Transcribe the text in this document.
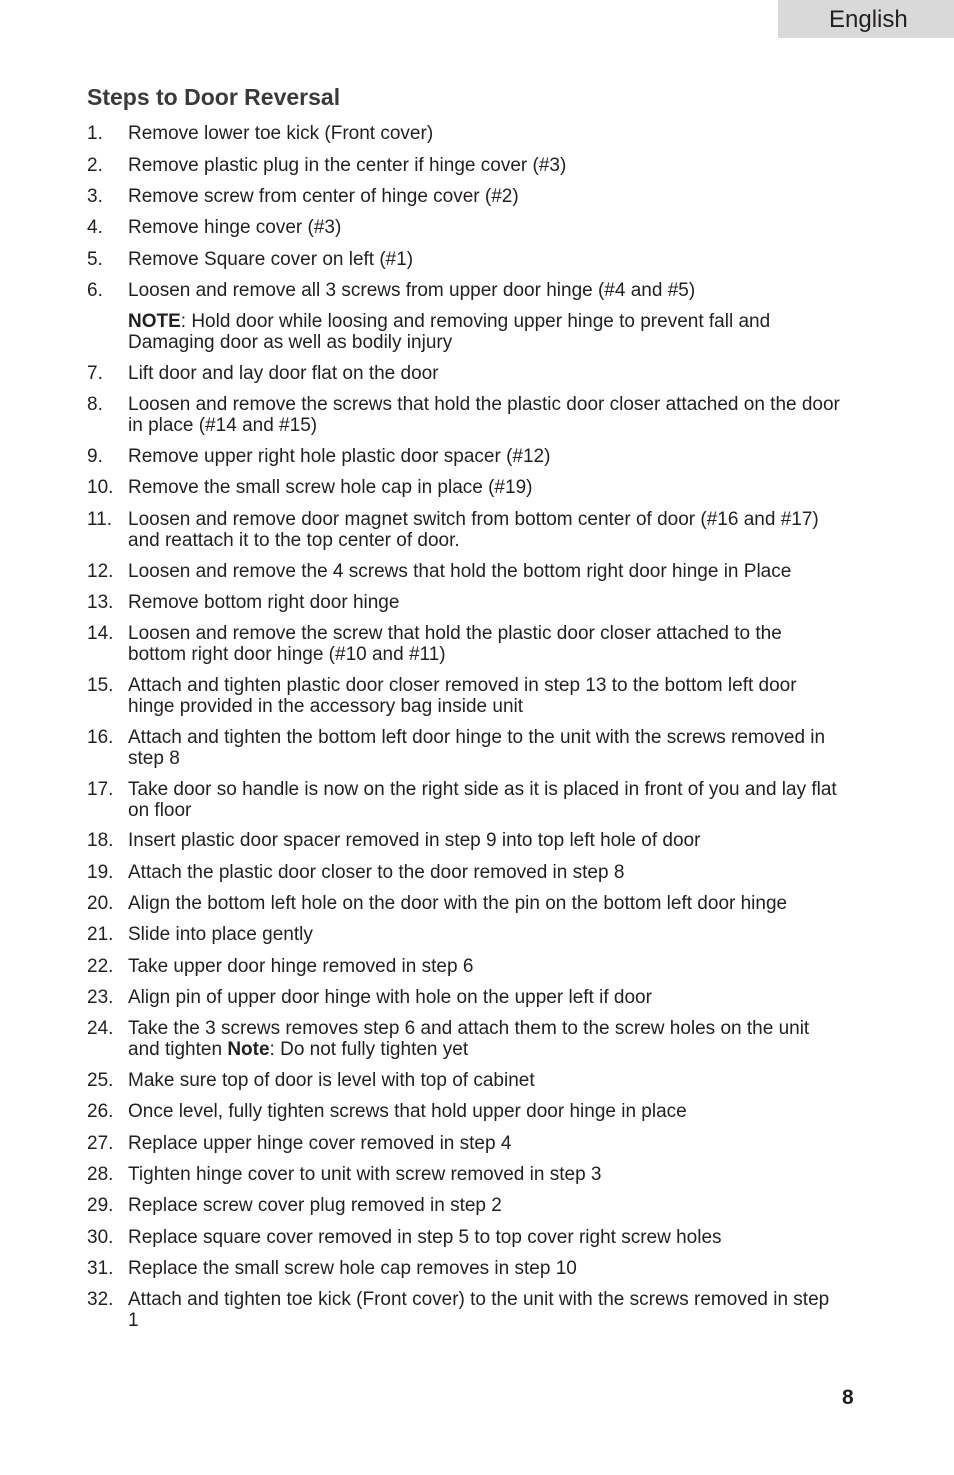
English
Steps to Door Reversal
1.	Remove lower toe kick (Front cover)
2.	Remove plastic plug in the center if hinge cover (#3)
3.	Remove screw from center of hinge cover (#2)
4.	Remove hinge cover (#3)
5.	Remove Square cover on left (#1)
6.	Loosen and remove all 3 screws from upper door hinge (#4 and #5)
7.	Lift door and lay door flat on the door
8.	Loosen and remove the screws that hold the plastic door closer attached on the door in place (#14 and #15)
9.	Remove upper right hole plastic door spacer (#12)
10. Remove the small screw hole cap in place (#19)
11. Loosen and remove door magnet switch from bottom center of door (#16 and #17) and reattach it to the top center of door.
12. Loosen and remove the 4 screws that hold the bottom right door hinge in Place
13. Remove bottom right door hinge
14. Loosen and remove the screw that hold the plastic door closer attached to the bottom right door hinge (#10 and #11)
15. Attach and tighten plastic door closer removed in step 13 to the bottom left door hinge provided in the accessory bag inside unit
16. Attach and tighten the bottom left door hinge to the unit with the screws removed in step 8
17. Take door so handle is now on the right side as it is placed in front of you and lay flat on floor
18. Insert plastic door spacer removed in step 9 into top left hole of door
19. Attach the plastic door closer to the door removed in step 8
20. Align the bottom left hole on the door with the pin on the bottom left door hinge
21. Slide into place gently
22. Take upper door hinge removed in step 6
23. Align pin of upper door hinge with hole on the upper left if door
24. Take the 3 screws removes step 6 and attach them to the screw holes on the unit and tighten Note: Do not fully tighten yet
25. Make sure top of door is level with top of cabinet
26. Once level, fully tighten screws that hold upper door hinge in place
27. Replace upper hinge cover removed in step 4
28. Tighten hinge cover to unit with screw removed in step 3
29. Replace screw cover plug removed in step 2
30. Replace square cover removed in step 5 to top cover right screw holes
31. Replace the small screw hole cap removes in step 10
32. Attach and tighten toe kick (Front cover) to the unit with the screws removed in step 1
NOTE: Hold door while loosing and removing upper hinge to prevent fall and Damaging door as well as bodily injury
8
